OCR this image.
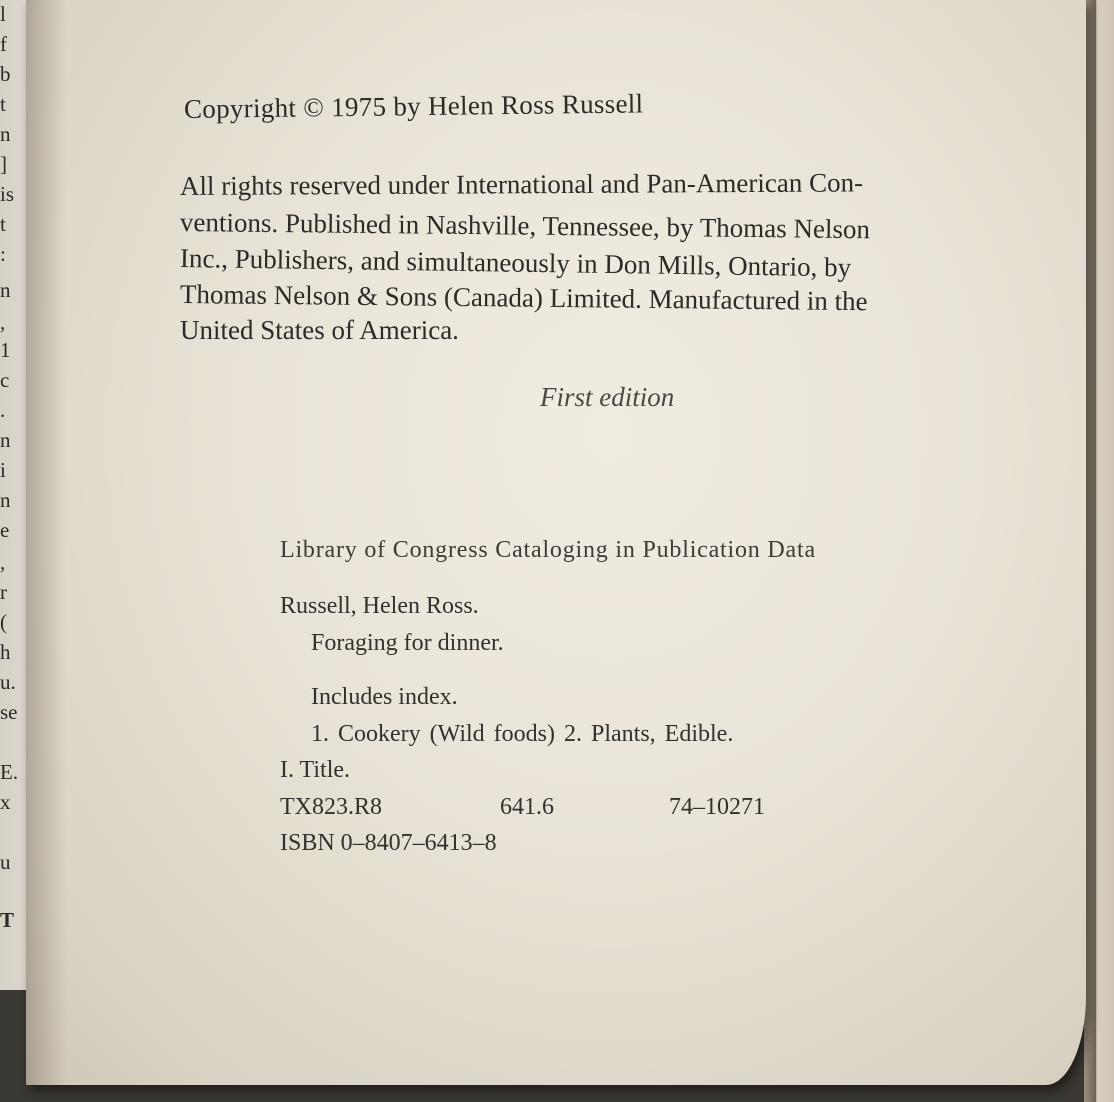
l
f
b
t
n
]
is
t
:
n
,
1
c
.
n
i
n
e
,
r
(
h
u.
se
E.
x
u
T
Copyright © 1975 by Helen Ross Russell
All rights reserved under International and Pan-American Con-
ventions. Published in Nashville, Tennessee, by Thomas Nelson
Inc., Publishers, and simultaneously in Don Mills, Ontario, by
Thomas Nelson & Sons (Canada) Limited. Manufactured in the
United States of America.
First edition
Library of Congress Cataloging in Publication Data
Russell, Helen Ross.
Foraging for dinner.
Includes index.
1. Cookery (Wild foods) 2. Plants, Edible.
I. Title.
TX823.R8	641.6	74–10271
ISBN 0–8407–6413–8
